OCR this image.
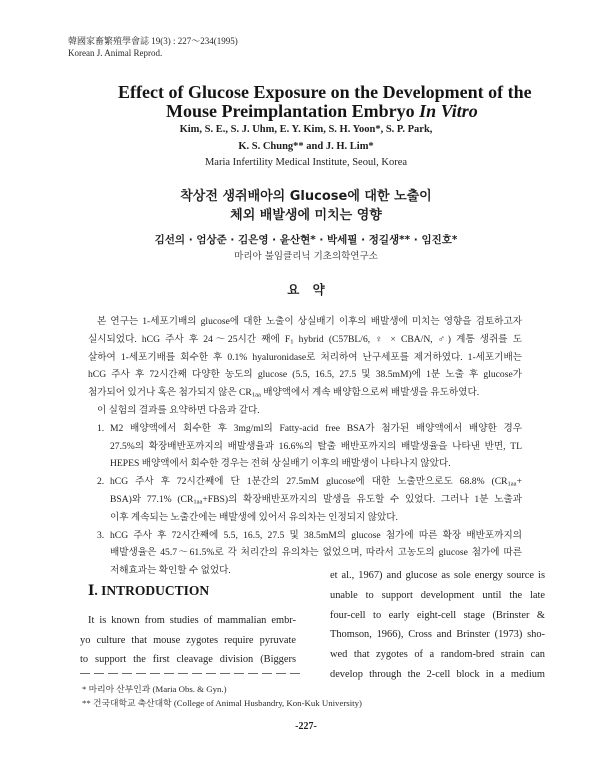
韓國家畜繁殖學會誌 19(3) : 227～234(1995)
Korean J. Animal Reprod.
Effect of Glucose Exposure on the Development of the
Mouse Preimplantation Embryo In Vitro
Kim, S. E., S. J. Uhm, E. Y. Kim, S. H. Yoon*, S. P. Park,
K. S. Chung** and J. H. Lim*
Maria Infertility Medical Institute, Seoul, Korea
착상전 생쥐배아의 Glucose에 대한 노출이
체외 배발생에 미치는 영향
김선의 · 엄상준 · 김은영 · 윤산현* · 박세필 · 정길생** · 임진호*
마리아 불임클리닉 기초의학연구소
요 약
본 연구는 1-세포기배의 glucose에 대한 노출이 상실배기 이후의 배발생에 미치는 영향을 검토하고자
실시되었다. hCG 주사 후 24～25시간 째에 $F_1$ hybrid (C57BL/6, ♀ × CBA/N, ♂) 계통 생쥐를 도
살하여 1-세포기배를 회수한 후 0.1% hyaluronidase로 처리하여 난구세포를 제거하였다. 1-세포기배는
hCG 주사 후 72시간째 다양한 농도의 glucose (5.5, 16.5, 27.5 및 38.5mM)에 1분 노출 후 glucose가
첨가되어 있거나 혹은 첨가되지 않은 $CR_{1aa}$ 배양액에서 계속 배양함으로써 배발생을 유도하였다.
이 실험의 결과를 요약하면 다음과 같다.
1. M2 배양액에서 회수한 후 3mg/ml의 Fatty-acid free BSA가 첨가된 배양액에서 배양한 경우
27.5%의 확장배반포까지의 배발생율과 16.6%의 탈출 배반포까지의 배발생율을 나타낸 반면, TL
HEPES 배양액에서 회수한 경우는 전혀 상실배기 이후의 배발생이 나타나지 않았다.
2. hCG 주사 후 72시간째에 단 1분간의 27.5mM glucose에 대한 노출만으로도 68.8% ($CR_{1aa}+$
BSA)와 77.1% $(CR_{1aa}+FBS)$의 확장배반포까지의 발생을 유도할 수 있었다. 그러나 1분 노출과
이후 계속되는 노출간에는 배발생에 있어서 유의차는 인정되지 않았다.
3. hCG 주사 후 72시간째에 5.5, 16.5, 27.5 및 38.5mM의 glucose 첨가에 따른 확장 배반포까지의
배발생율은 45.7～61.5%로 각 처리간의 유의차는 없었으며, 따라서 고농도의 glucose 첨가에 따른
저해효과는 확인할 수 없었다.
Ⅰ. INTRODUCTION
It is known from studies of mammalian embr-
yo culture that mouse zygotes require pyruvate
to support the first cleavage division (Biggers
et al., 1967) and glucose as sole energy source is
unable to support development until the late
four-cell to early eight-cell stage (Brinster &
Thomson, 1966), Cross and Brinster (1973) sho-
wed that zygotes of a random-bred strain can
develop through the 2-cell block in a medium
* 마리아 산부인과 (Maria Obs. & Gyn.)
** 건국대학교 축산대학 (College of Animal Husbandry, Kon-Kuk University)
-227-
